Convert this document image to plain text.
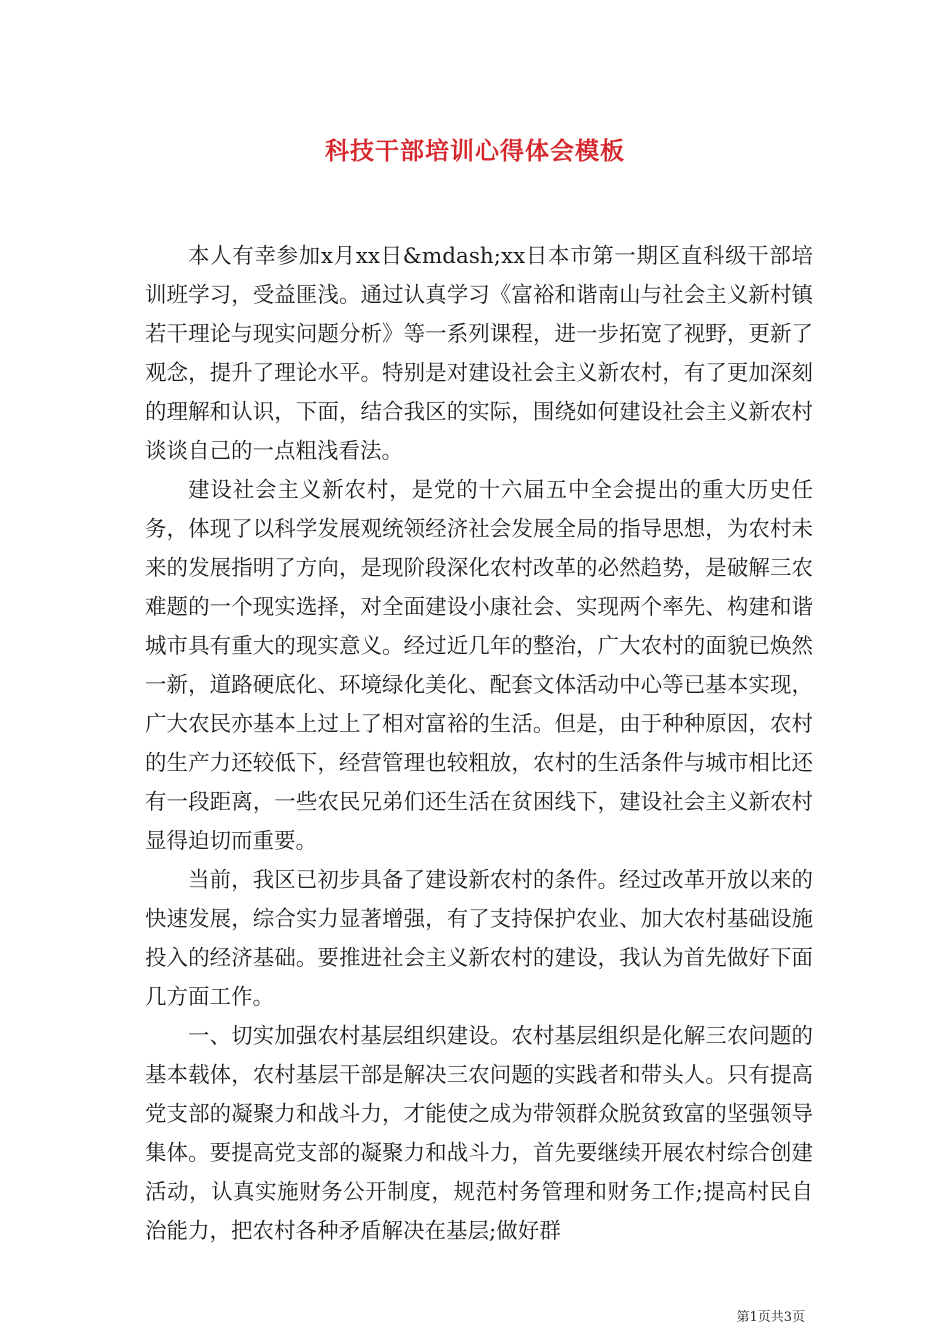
科技干部培训心得体会模板

本人有幸参加x月xx日&mdash;xx日本市第一期区直科级干部培训班学习，受益匪浅。通过认真学习《富裕和谐南山与社会主义新村镇若干理论与现实问题分析》等一系列课程，进一步拓宽了视野，更新了观念，提升了理论水平。特别是对建设社会主义新农村，有了更加深刻的理解和认识，下面，结合我区的实际，围绕如何建设社会主义新农村谈谈自己的一点粗浅看法。

建设社会主义新农村，是党的十六届五中全会提出的重大历史任务，体现了以科学发展观统领经济社会发展全局的指导思想，为农村未来的发展指明了方向，是现阶段深化农村改革的必然趋势，是破解三农难题的一个现实选择，对全面建设小康社会、实现两个率先、构建和谐城市具有重大的现实意义。经过近几年的整治，广大农村的面貌已焕然一新，道路硬底化、环境绿化美化、配套文体活动中心等已基本实现，广大农民亦基本上过上了相对富裕的生活。但是，由于种种原因，农村的生产力还较低下，经营管理也较粗放，农村的生活条件与城市相比还有一段距离，一些农民兄弟们还生活在贫困线下，建设社会主义新农村显得迫切而重要。

当前，我区已初步具备了建设新农村的条件。经过改革开放以来的快速发展，综合实力显著增强，有了支持保护农业、加大农村基础设施投入的经济基础。要推进社会主义新农村的建设，我认为首先做好下面几方面工作。

一、切实加强农村基层组织建设。农村基层组织是化解三农问题的基本载体，农村基层干部是解决三农问题的实践者和带头人。只有提高党支部的凝聚力和战斗力，才能使之成为带领群众脱贫致富的坚强领导集体。要提高党支部的凝聚力和战斗力，首先要继续开展农村综合创建活动，认真实施财务公开制度，规范村务管理和财务工作;提高村民自治能力，把农村各种矛盾解决在基层;做好群

第1页共3页
